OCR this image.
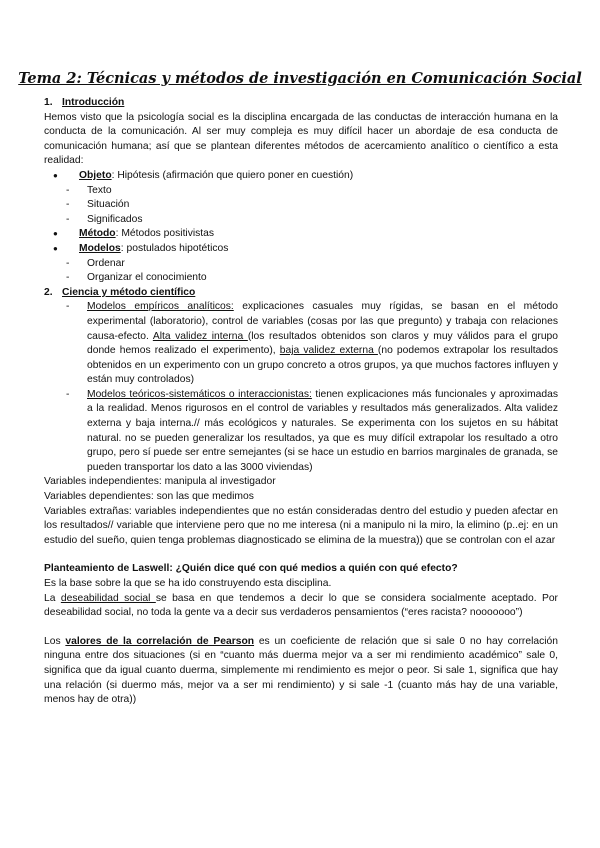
Tema 2: Técnicas y métodos de investigación en Comunicación Social
1. Introducción

Hemos visto que la psicología social es la disciplina encargada de las conductas de interacción humana en la conducta de la comunicación. Al ser muy compleja es muy difícil hacer un abordaje de esa conducta de comunicación humana; así que se plantean diferentes métodos de acercamiento analítico o científico a esta realidad:

● Objeto: Hipótesis (afirmación que quiero poner en cuestión)
- Texto
- Situación
- Significados
● Método: Métodos positivistas
● Modelos: postulados hipotéticos
- Ordenar
- Organizar el conocimiento
2. Ciencia y método científico
- Modelos empíricos analíticos: explicaciones casuales muy rígidas, se basan en el método experimental (laboratorio), control de variables (cosas por las que pregunto) y trabaja con relaciones causa-efecto. Alta validez interna (los resultados obtenidos son claros y muy válidos para el grupo donde hemos realizado el experimento), baja validez externa (no podemos extrapolar los resultados obtenidos en un experimento con un grupo concreto a otros grupos, ya que muchos factores influyen y están muy controlados)
- Modelos teóricos-sistemáticos o interaccionistas: tienen explicaciones más funcionales y aproximadas a la realidad. Menos rigurosos en el control de variables y resultados más generalizados. Alta validez externa y baja interna.// más ecológicos y naturales. Se experimenta con los sujetos en su hábitat natural. no se pueden generalizar los resultados, ya que es muy difícil extrapolar los resultado a otro grupo, pero sí puede ser entre semejantes (si se hace un estudio en barrios marginales de granada, se pueden transportar los dato a las 3000 viviendas)

Variables independientes: manipula al investigador

Variables dependientes: son las que medimos

Variables extrañas: variables independientes que no están consideradas dentro del estudio y pueden afectar en los resultados// variable que interviene pero que no me interesa (ni a manipulo ni la miro, la elimino (p..ej: en un estudio del sueño, quien tenga problemas diagnosticado se elimina de la muestra)) que se controlan con el azar

Planteamiento de Laswell: ¿Quién dice qué con qué medios a quién con qué efecto?

Es la base sobre la que se ha ido construyendo esta disciplina.

La deseabilidad social se basa en que tendemos a decir lo que se considera socialmente aceptado. Por deseabilidad social, no toda la gente va a decir sus verdaderos pensamientos (“eres racista? nooooooo”)

Los valores de la correlación de Pearson es un coeficiente de relación que si sale 0 no hay correlación ninguna entre dos situaciones (si en “cuanto más duerma mejor va a ser mi rendimiento académico” sale 0, significa que da igual cuanto duerma, simplemente mi rendimiento es mejor o peor. Si sale 1, significa que hay una relación (si duermo más, mejor va a ser mi rendimiento) y si sale -1 (cuanto más hay de una variable, menos hay de otra))
